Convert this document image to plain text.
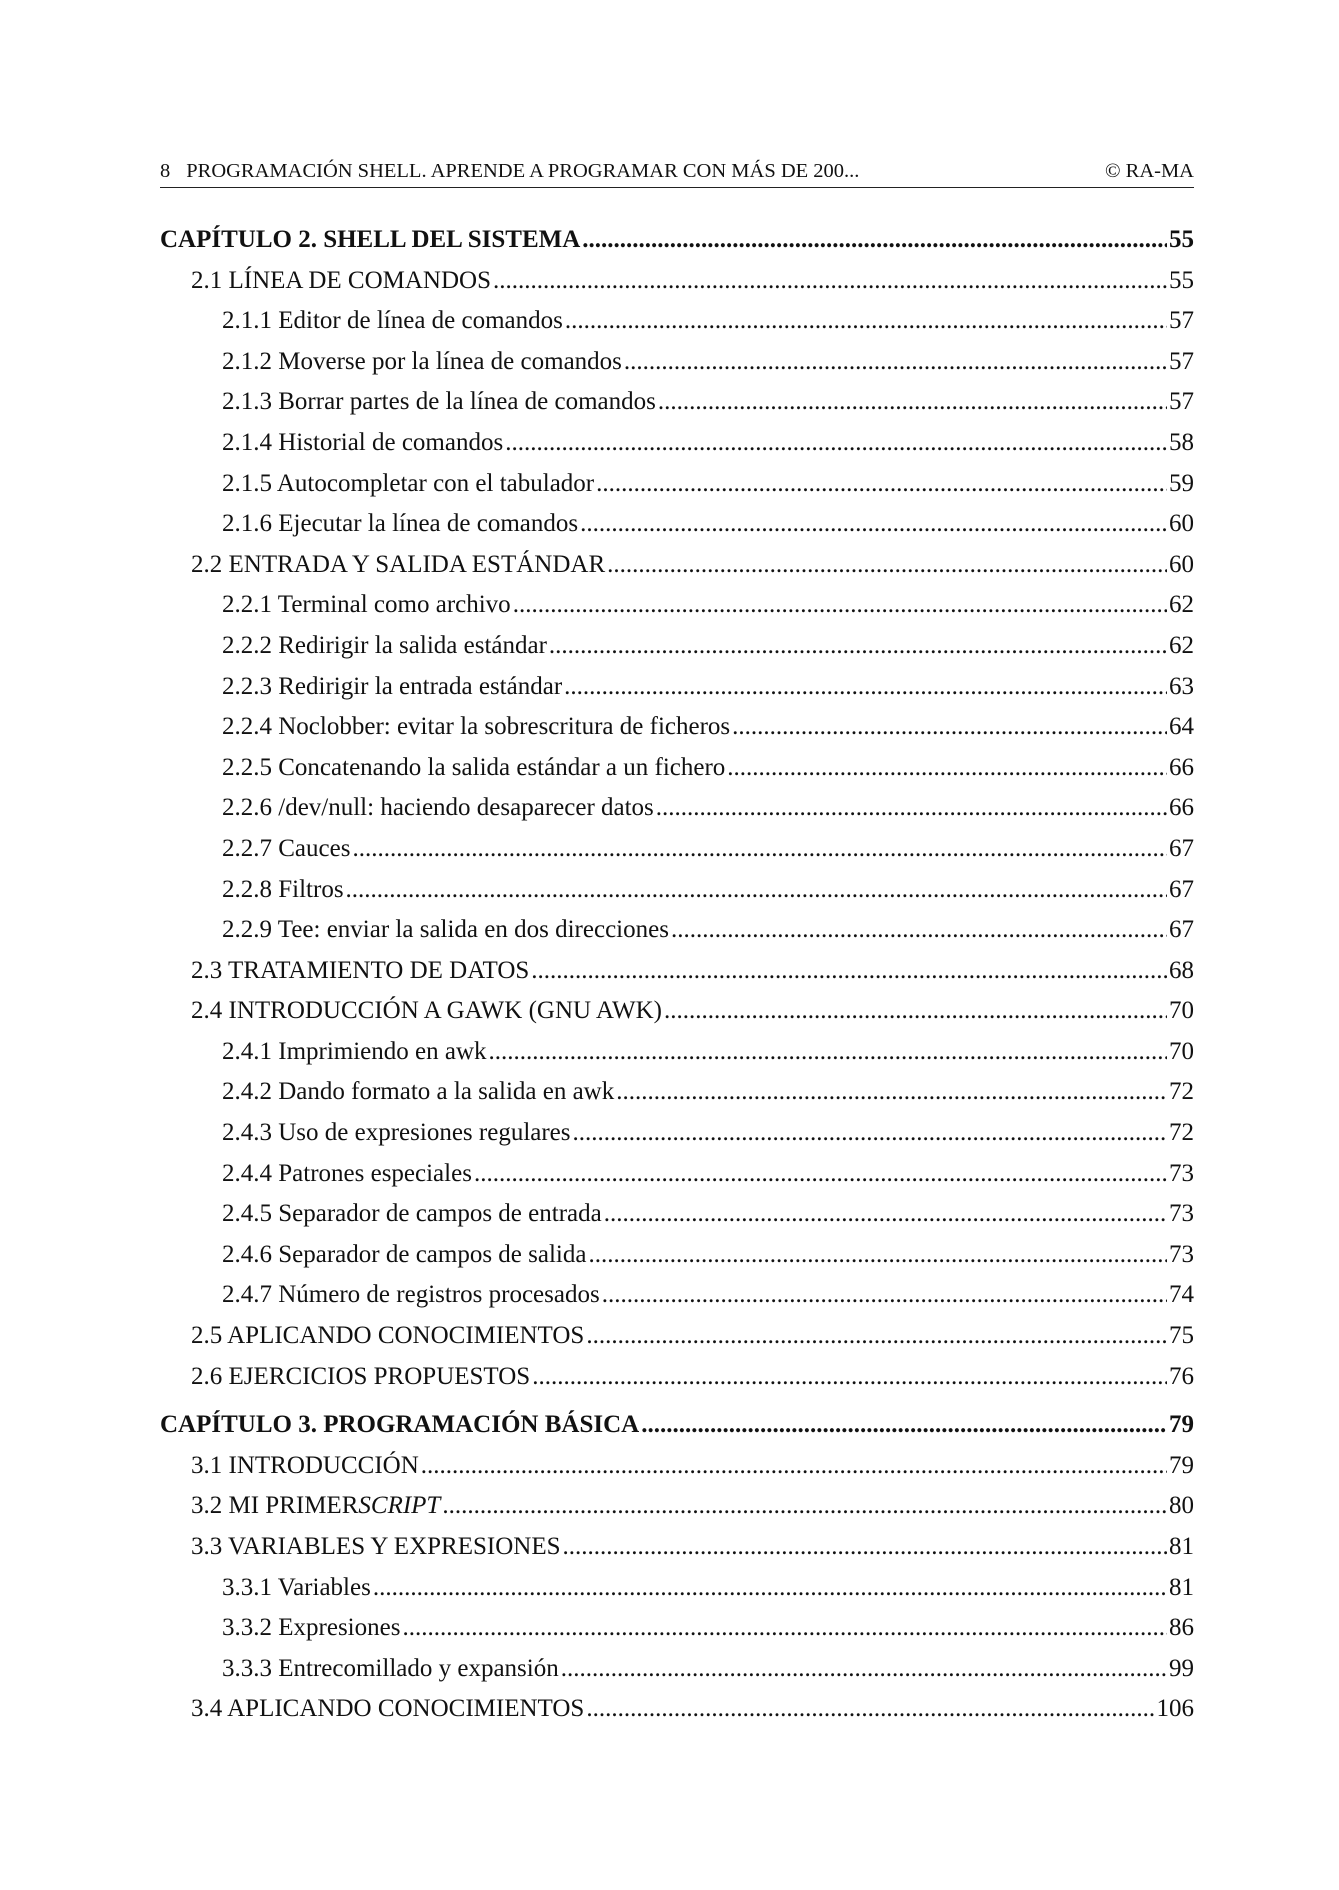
8 PROGRAMACIÓN SHELL. APRENDE A PROGRAMAR CON MÁS DE 200...	© RA-MA
CAPÍTULO 2. SHELL DEL SISTEMA .....	55
2.1 LÍNEA DE COMANDOS .....	55
2.1.1 Editor de línea de comandos .....	57
2.1.2 Moverse por la línea de comandos .....	57
2.1.3 Borrar partes de la línea de comandos .....	57
2.1.4 Historial de comandos .....	58
2.1.5 Autocompletar con el tabulador .....	59
2.1.6 Ejecutar la línea de comandos .....	60
2.2 ENTRADA Y SALIDA ESTÁNDAR .....	60
2.2.1 Terminal como archivo .....	62
2.2.2 Redirigir la salida estándar .....	62
2.2.3 Redirigir la entrada estándar .....	63
2.2.4 Noclobber: evitar la sobrescritura de ficheros .....	64
2.2.5 Concatenando la salida estándar a un fichero .....	66
2.2.6 /dev/null: haciendo desaparecer datos .....	66
2.2.7 Cauces .....	67
2.2.8 Filtros .....	67
2.2.9 Tee: enviar la salida en dos direcciones .....	67
2.3 TRATAMIENTO DE DATOS .....	68
2.4 INTRODUCCIÓN A GAWK (GNU AWK) .....	70
2.4.1 Imprimiendo en awk .....	70
2.4.2 Dando formato a la salida en awk .....	72
2.4.3 Uso de expresiones regulares .....	72
2.4.4 Patrones especiales .....	73
2.4.5 Separador de campos de entrada .....	73
2.4.6 Separador de campos de salida .....	73
2.4.7 Número de registros procesados .....	74
2.5 APLICANDO CONOCIMIENTOS .....	75
2.6 EJERCICIOS PROPUESTOS .....	76
CAPÍTULO 3. PROGRAMACIÓN BÁSICA .....	79
3.1 INTRODUCCIÓN .....	79
3.2 MI PRIMER SCRIPT .....	80
3.3 VARIABLES Y EXPRESIONES .....	81
3.3.1 Variables .....	81
3.3.2 Expresiones .....	86
3.3.3 Entrecomillado y expansión .....	99
3.4 APLICANDO CONOCIMIENTOS .....	106
